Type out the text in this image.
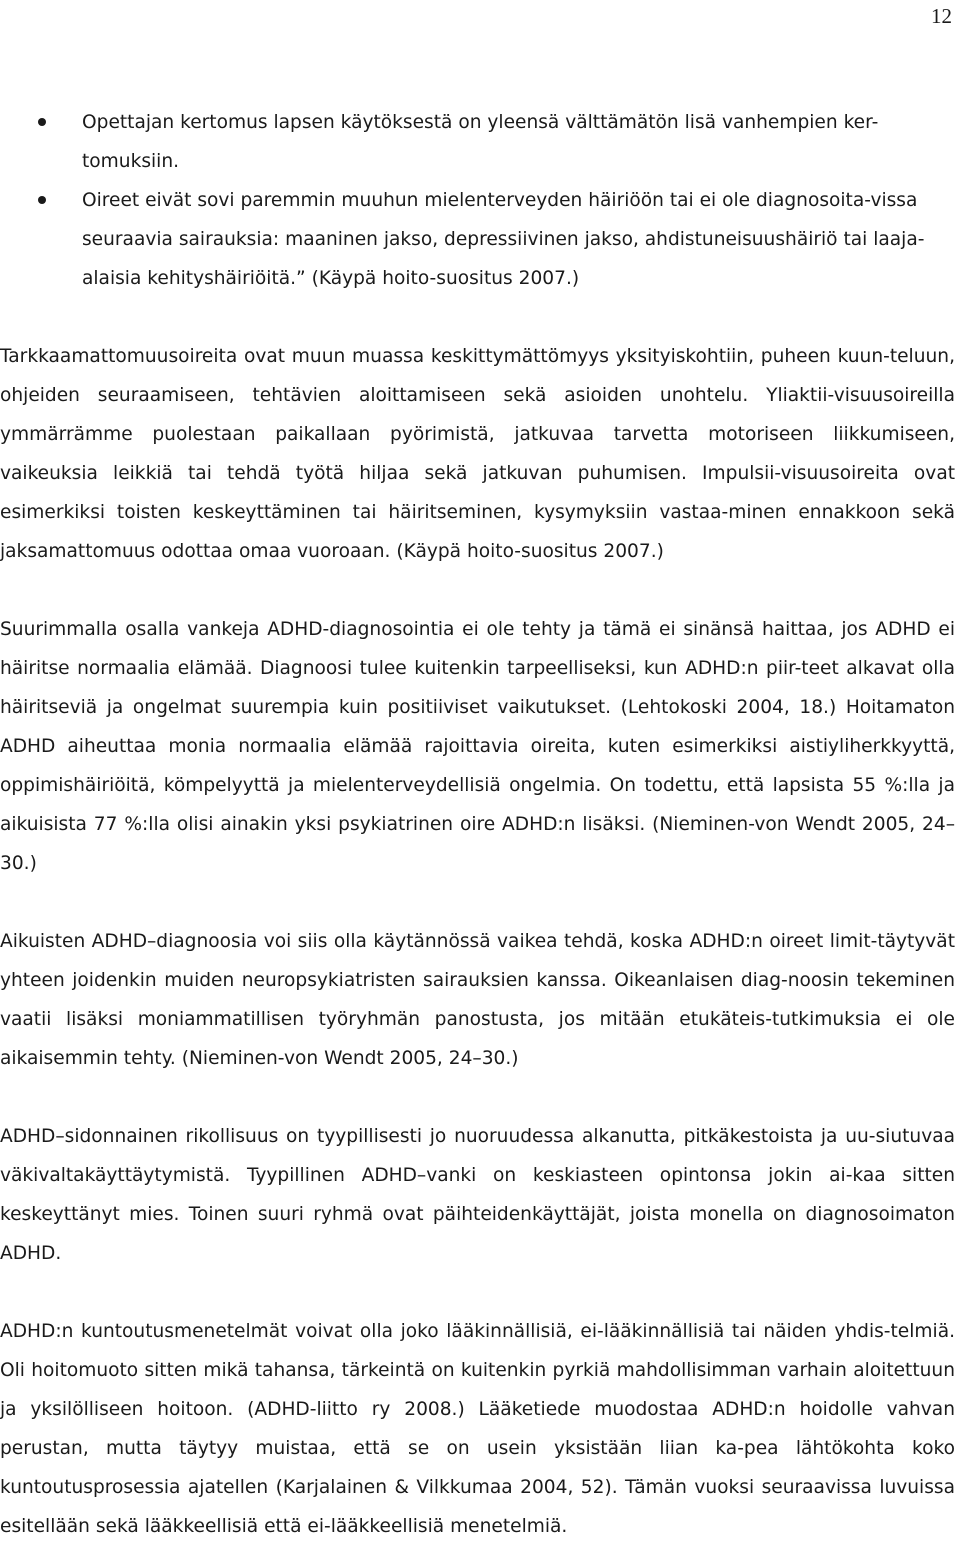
12
Opettajan kertomus lapsen käytöksestä on yleensä välttämätön lisä vanhempien ker-tomuksiin.
Oireet eivät sovi paremmin muuhun mielenterveyden häiriöön tai ei ole diagnosoita-vissa seuraavia sairauksia: maaninen jakso, depressiivinen jakso, ahdistuneisuushäiriö tai laaja-alaisia kehityshäiriöitä.” (Käypä hoito-suositus 2007.)

Tarkkaamattomuusoireita ovat muun muassa keskittymättömyys yksityiskohtiin, puheen kuun-teluun, ohjeiden seuraamiseen, tehtävien aloittamiseen sekä asioiden unohtelu. Yliaktii-visuusoireilla ymmärrämme puolestaan paikallaan pyörimistä, jatkuvaa tarvetta motoriseen liikkumiseen, vaikeuksia leikkiä tai tehdä työtä hiljaa sekä jatkuvan puhumisen. Impulsii-visuusoireita ovat esimerkiksi toisten keskeyttäminen tai häiritseminen, kysymyksiin vastaa-minen ennakkoon sekä jaksamattomuus odottaa omaa vuoroaan. (Käypä hoito-suositus 2007.)

Suurimmalla osalla vankeja ADHD-diagnosointia ei ole tehty ja tämä ei sinänsä haittaa, jos ADHD ei häiritse normaalia elämää. Diagnoosi tulee kuitenkin tarpeelliseksi, kun ADHD:n piir-teet alkavat olla häiritseviä ja ongelmat suurempia kuin positiiviset vaikutukset. (Lehtokoski 2004, 18.) Hoitamaton ADHD aiheuttaa monia normaalia elämää rajoittavia oireita, kuten esimerkiksi aistiyliherkkyyttä, oppimishäiriöitä, kömpelyyttä ja mielenterveydellisiä ongelmia. On todettu, että lapsista 55 %:lla ja aikuisista 77 %:lla olisi ainakin yksi psykiatrinen oire ADHD:n lisäksi. (Nieminen-von Wendt 2005, 24–30.)

Aikuisten ADHD–diagnoosia voi siis olla käytännössä vaikea tehdä, koska ADHD:n oireet limit-täytyvät yhteen joidenkin muiden neuropsykiatristen sairauksien kanssa. Oikeanlaisen diag-noosin tekeminen vaatii lisäksi moniammatillisen työryhmän panostusta, jos mitään etukäteis-tutkimuksia ei ole aikaisemmin tehty. (Nieminen-von Wendt 2005, 24–30.)

ADHD–sidonnainen rikollisuus on tyypillisesti jo nuoruudessa alkanutta, pitkäkestoista ja uu-siutuvaa väkivaltakäyttäytymistä. Tyypillinen ADHD–vanki on keskiasteen opintonsa jokin ai-kaa sitten keskeyttänyt mies. Toinen suuri ryhmä ovat päihteidenkäyttäjät, joista monella on diagnosoimaton ADHD.

ADHD:n kuntoutusmenetelmät voivat olla joko lääkinnällisiä, ei-lääkinnällisiä tai näiden yhdis-telmiä. Oli hoitomuoto sitten mikä tahansa, tärkeintä on kuitenkin pyrkiä mahdollisimman varhain aloitettuun ja yksilölliseen hoitoon. (ADHD-liitto ry 2008.) Lääketiede muodostaa ADHD:n hoidolle vahvan perustan, mutta täytyy muistaa, että se on usein yksistään liian ka-pea lähtökohta koko kuntoutusprosessia ajatellen (Karjalainen & Vilkkumaa 2004, 52). Tämän vuoksi seuraavissa luvuissa esitellään sekä lääkkeellisiä että ei-lääkkeellisiä menetelmiä.
